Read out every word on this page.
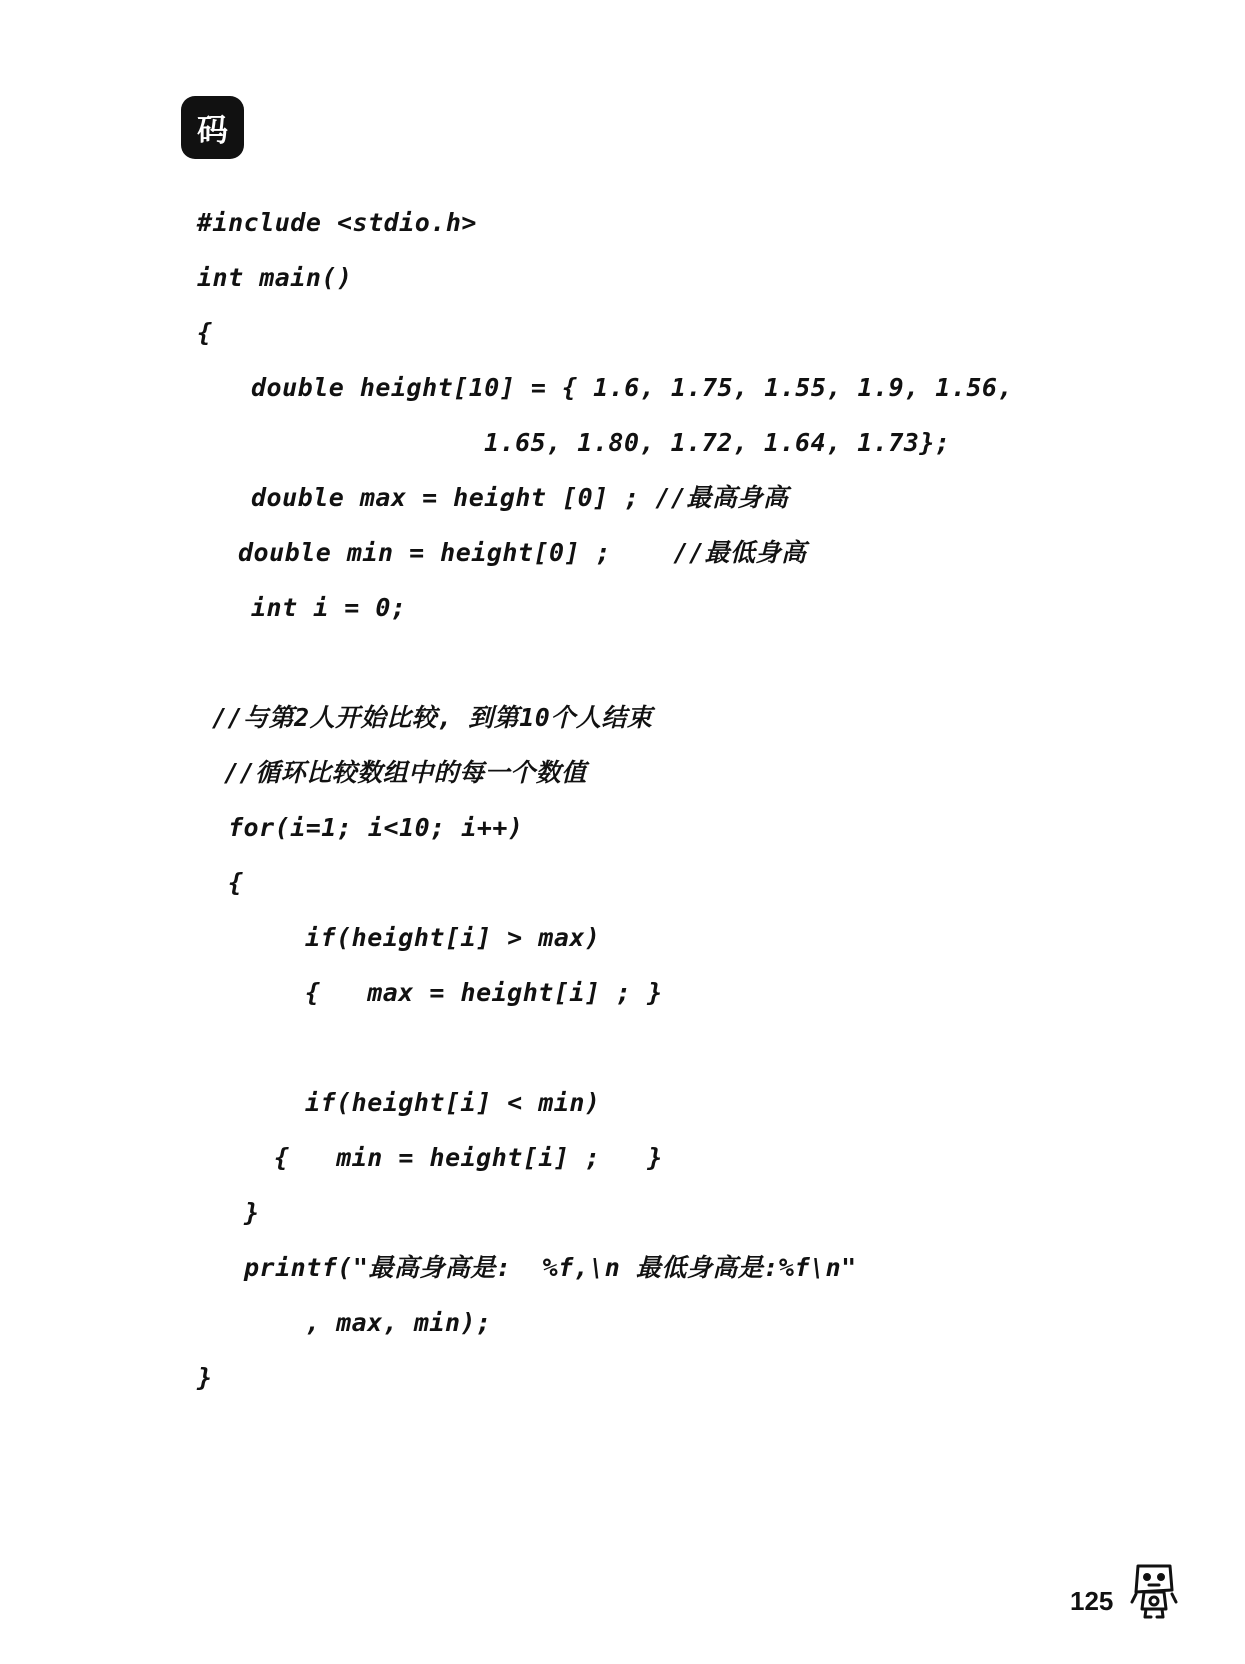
码
#include <stdio.h>
int main()
{
double height[10] = { 1.6, 1.75, 1.55, 1.9, 1.56,
1.65, 1.80, 1.72, 1.64, 1.73};
double max = height [0] ; //最高身高
double min = height[0] ;    //最低身高
int i = 0;
//与第2人开始比较, 到第10个人结束
//循环比较数组中的每一个数值
for(i=1; i<10; i++)
{
if(height[i] > max)
{   max = height[i] ; }
if(height[i] < min)
{   min = height[i] ;   }
}
printf("最高身高是:  %f,\n 最低身高是:%f\n"
, max, min);
}
125
